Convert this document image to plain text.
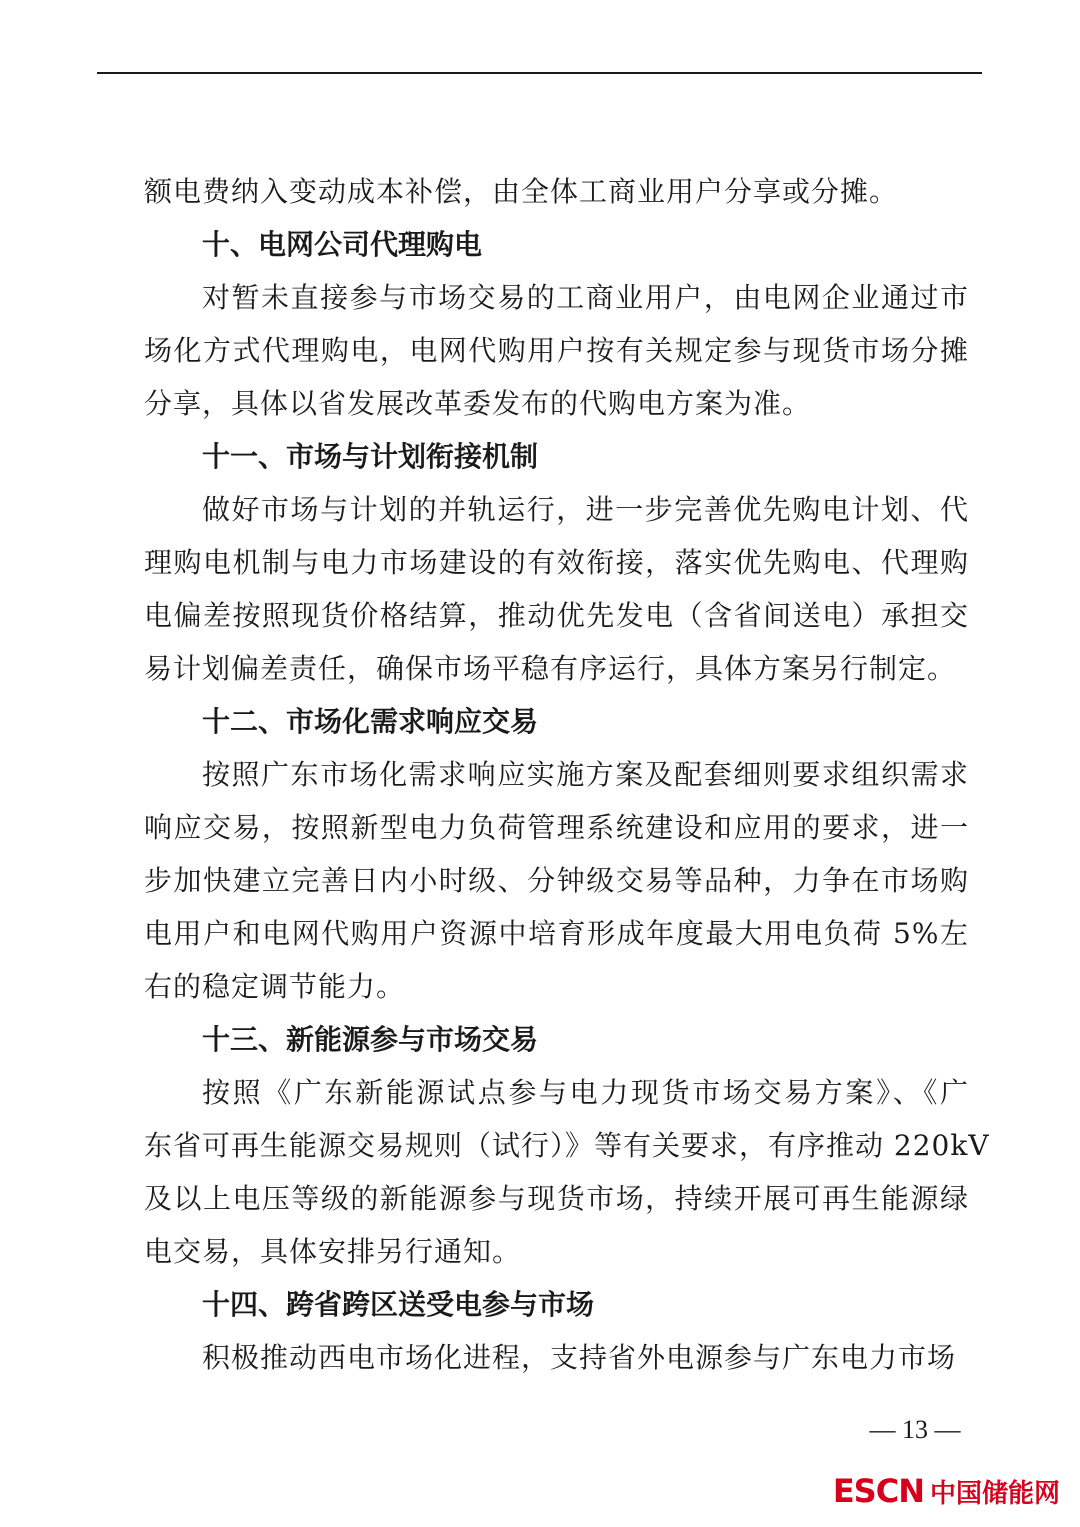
额电费纳入变动成本补偿，由全体工商业用户分享或分摊。
十、电网公司代理购电
对暂未直接参与市场交易的工商业用户，由电网企业通过市
场化方式代理购电，电网代购用户按有关规定参与现货市场分摊
分享，具体以省发展改革委发布的代购电方案为准。
十一、市场与计划衔接机制
做好市场与计划的并轨运行，进一步完善优先购电计划、代
理购电机制与电力市场建设的有效衔接，落实优先购电、代理购
电偏差按照现货价格结算，推动优先发电（含省间送电）承担交
易计划偏差责任，确保市场平稳有序运行，具体方案另行制定。
十二、市场化需求响应交易
按照广东市场化需求响应实施方案及配套细则要求组织需求
响应交易，按照新型电力负荷管理系统建设和应用的要求，进一
步加快建立完善日内小时级、分钟级交易等品种，力争在市场购
电用户和电网代购用户资源中培育形成年度最大用电负荷 5%左
右的稳定调节能力。
十三、新能源参与市场交易
按照《广东新能源试点参与电力现货市场交易方案》、《广
东省可再生能源交易规则（试行）》等有关要求，有序推动 220kV
及以上电压等级的新能源参与现货市场，持续开展可再生能源绿
电交易，具体安排另行通知。
十四、跨省跨区送受电参与市场
积极推动西电市场化进程，支持省外电源参与广东电力市场
— 13 —
ESCN 中国储能网
